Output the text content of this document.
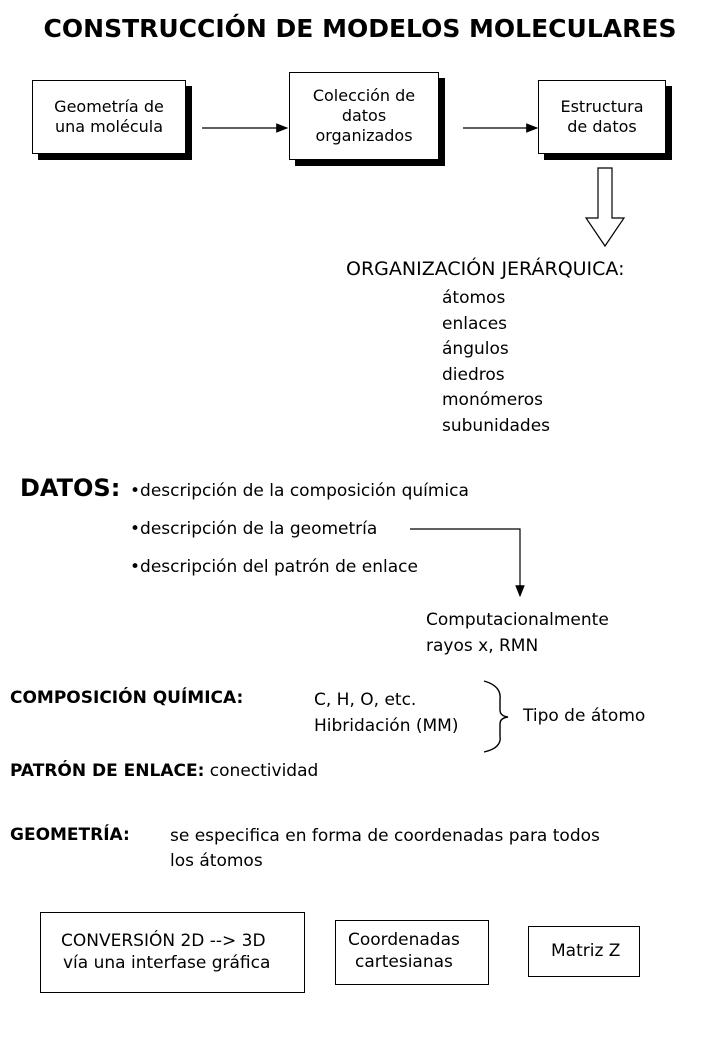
CONSTRUCCIÓN DE MODELOS MOLECULARES
Geometría de
una molécula
Colección de
datos
organizados
Estructura
de datos
ORGANIZACIÓN JERÁRQUICA:
átomos
enlaces
ángulos
diedros
monómeros
subunidades
DATOS: •descripción de la composición química
•descripción de la geometría
•descripción del patrón de enlace
Computacionalmente
rayos x, RMN
COMPOSICIÓN QUÍMICA:	C, H, O, etc.
Hibridación (MM)	Tipo de átomo
PATRÓN DE ENLACE: conectividad
GEOMETRÍA: se especifica en forma de coordenadas para todos
los átomos
CONVERSIÓN 2D --> 3D
vía una interfase gráfica
Coordenadas
cartesianas
Matriz Z
